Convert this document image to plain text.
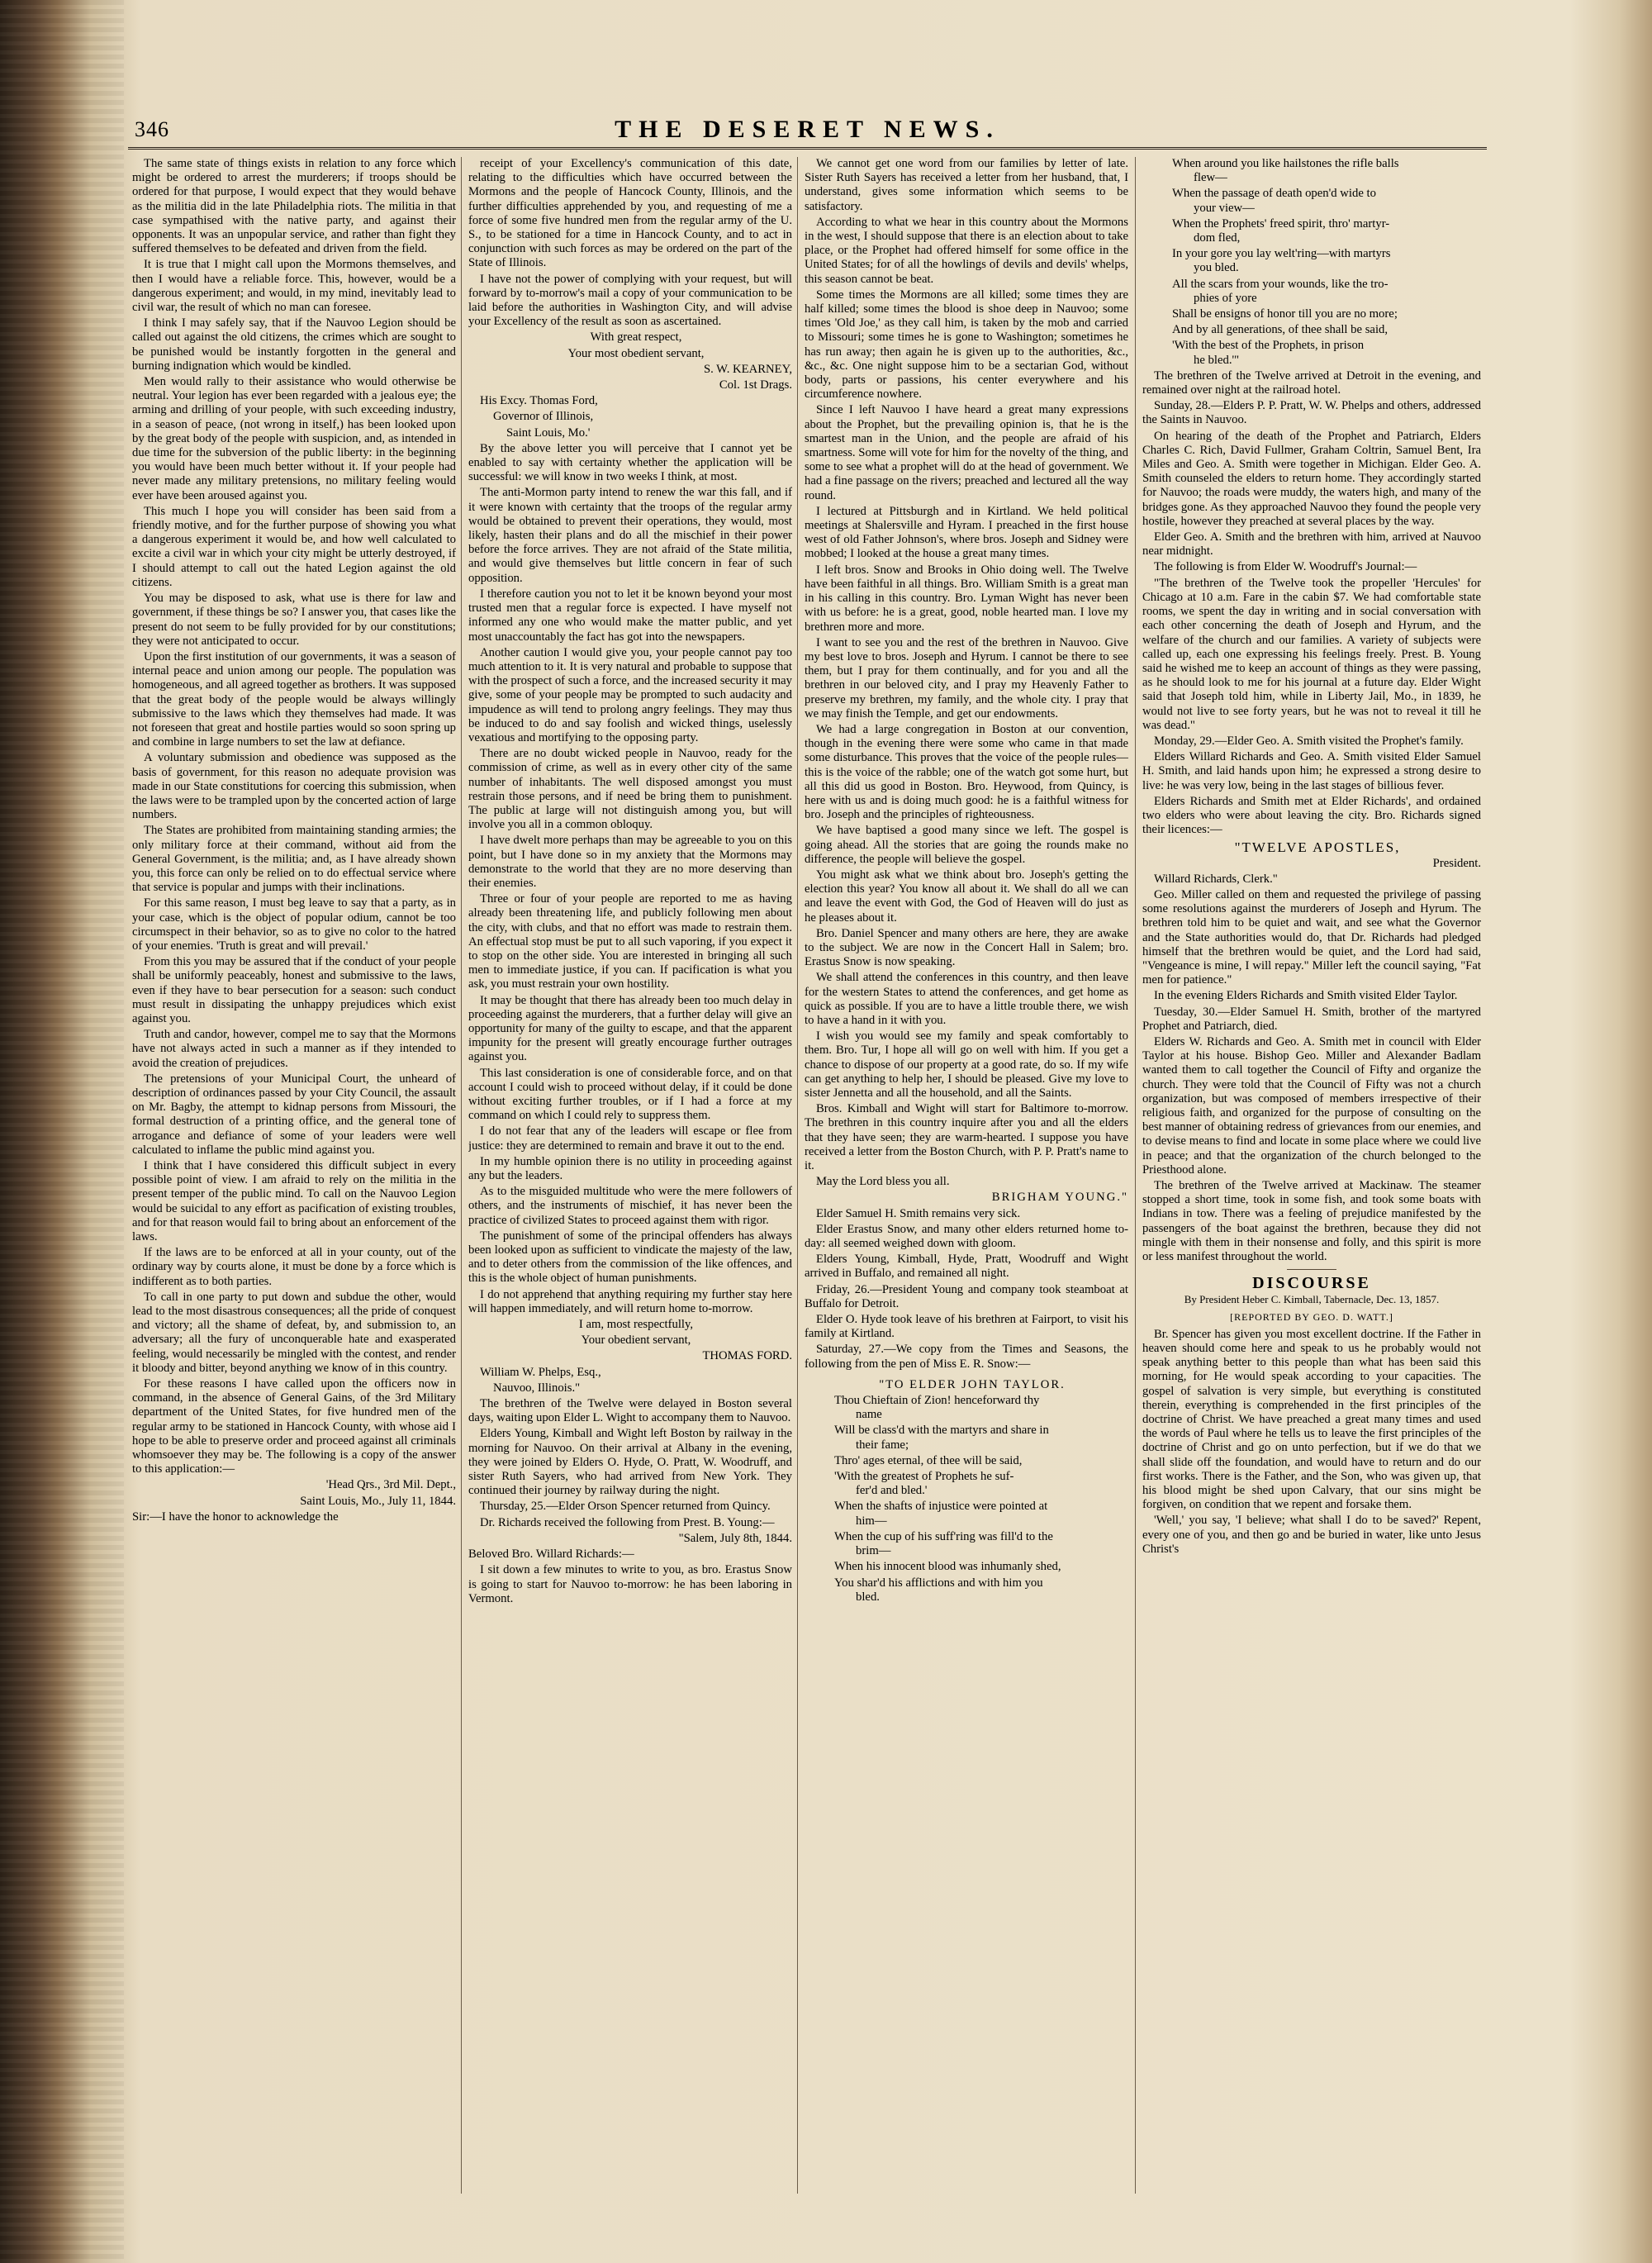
346	THE DESERET NEWS.

The same state of things exists in relation to any force which might be ordered to arrest the murderers; if troops should be ordered for that purpose, I would expect that they would behave as the militia did in the late Philadelphia riots. The militia in that case sympathised with the native party, and against their opponents. It was an unpopular service, and rather than fight they suffered themselves to be defeated and driven from the field.

It is true that I might call upon the Mormons themselves, and then I would have a reliable force. This, however, would be a dangerous experiment; and would, in my mind, inevitably lead to civil war, the result of which no man can foresee.

I think I may safely say, that if the Nauvoo Legion should be called out against the old citizens, the crimes which are sought to be punished would be instantly forgotten in the general and burning indignation which would be kindled.

Men would rally to their assistance who would otherwise be neutral. Your legion has ever been regarded with a jealous eye; the arming and drilling of your people, with such exceeding industry, in a season of peace, (not wrong in itself,) has been looked upon by the great body of the people with suspicion, and, as intended in due time for the subversion of the public liberty: in the beginning you would have been much better without it. If your people had never made any military pretensions, no military feeling would ever have been aroused against you.

This much I hope you will consider has been said from a friendly motive, and for the further purpose of showing you what a dangerous experiment it would be, and how well calculated to excite a civil war in which your city might be utterly destroyed, if I should attempt to call out the hated Legion against the old citizens.

You may be disposed to ask, what use is there for law and government, if these things be so? I answer you, that cases like the present do not seem to be fully provided for by our constitutions; they were not anticipated to occur.

Upon the first institution of our governments, it was a season of internal peace and union among our people. The population was homogeneous, and all agreed together as brothers. It was supposed that the great body of the people would be always willingly submissive to the laws which they themselves had made. It was not foreseen that great and hostile parties would so soon spring up and combine in large numbers to set the law at defiance.

A voluntary submission and obedience was supposed as the basis of government, for this reason no adequate provision was made in our State constitutions for coercing this submission, when the laws were to be trampled upon by the concerted action of large numbers.

The States are prohibited from maintaining standing armies; the only military force at their command, without aid from the General Government, is the militia; and, as I have already shown you, this force can only be relied on to do effectual service where that service is popular and jumps with their inclinations.

For this same reason, I must beg leave to say that a party, as in your case, which is the object of popular odium, cannot be too circumspect in their behavior, so as to give no color to the hatred of your enemies. 'Truth is great and will prevail.'

From this you may be assured that if the conduct of your people shall be uniformly peaceably, honest and submissive to the laws, even if they have to bear persecution for a season: such conduct must result in dissipating the unhappy prejudices which exist against you.

Truth and candor, however, compel me to say that the Mormons have not always acted in such a manner as if they intended to avoid the creation of prejudices.

The pretensions of your Municipal Court, the unheard of description of ordinances passed by your City Council, the assault on Mr. Bagby, the attempt to kidnap persons from Missouri, the formal destruction of a printing office, and the general tone of arrogance and defiance of some of your leaders were well calculated to inflame the public mind against you.

I think that I have considered this difficult subject in every possible point of view. I am afraid to rely on the militia in the present temper of the public mind. To call on the Nauvoo Legion would be suicidal to any effort as pacification of existing troubles, and for that reason would fail to bring about an enforcement of the laws.

If the laws are to be enforced at all in your county, out of the ordinary way by courts alone, it must be done by a force which is indifferent as to both parties.

To call in one party to put down and subdue the other, would lead to the most disastrous consequences; all the pride of conquest and victory; all the shame of defeat, by, and submission to, an adversary; all the fury of unconquerable hate and exasperated feeling, would necessarily be mingled with the contest, and render it bloody and bitter, beyond anything we know of in this country.

For these reasons I have called upon the officers now in command, in the absence of General Gains, of the 3rd Military department of the United States, for five hundred men of the regular army to be stationed in Hancock County, with whose aid I hope to be able to preserve order and proceed against all criminals whomsoever they may be. The following is a copy of the answer to this application:—

'Head Qrs., 3rd Mil. Dept.,

Saint Louis, Mo., July 11, 1844.

Sir:—I have the honor to acknowledge the

receipt of your Excellency's communication of this date, relating to the difficulties which have occurred between the Mormons and the people of Hancock County, Illinois, and the further difficulties apprehended by you, and requesting of me a force of some five hundred men from the regular army of the U. S., to be stationed for a time in Hancock County, and to act in conjunction with such forces as may be ordered on the part of the State of Illinois.

I have not the power of complying with your request, but will forward by to-morrow's mail a copy of your communication to be laid before the authorities in Washington City, and will advise your Excellency of the result as soon as ascertained.

With great respect,

Your most obedient servant,

S. W. KEARNEY,

Col. 1st Drags.

His Excy. Thomas Ford,

Governor of Illinois,

Saint Louis, Mo.'

By the above letter you will perceive that I cannot yet be enabled to say with certainty whether the application will be successful: we will know in two weeks I think, at most.

The anti-Mormon party intend to renew the war this fall, and if it were known with certainty that the troops of the regular army would be obtained to prevent their operations, they would, most likely, hasten their plans and do all the mischief in their power before the force arrives. They are not afraid of the State militia, and would give themselves but little concern in fear of such opposition.

I therefore caution you not to let it be known beyond your most trusted men that a regular force is expected. I have myself not informed any one who would make the matter public, and yet most unaccountably the fact has got into the newspapers.

Another caution I would give you, your people cannot pay too much attention to it. It is very natural and probable to suppose that with the prospect of such a force, and the increased security it may give, some of your people may be prompted to such audacity and impudence as will tend to prolong angry feelings. They may thus be induced to do and say foolish and wicked things, uselessly vexatious and mortifying to the opposing party.

There are no doubt wicked people in Nauvoo, ready for the commission of crime, as well as in every other city of the same number of inhabitants. The well disposed amongst you must restrain those persons, and if need be bring them to punishment. The public at large will not distinguish among you, but will involve you all in a common obloquy.

I have dwelt more perhaps than may be agreeable to you on this point, but I have done so in my anxiety that the Mormons may demonstrate to the world that they are no more deserving than their enemies.

Three or four of your people are reported to me as having already been threatening life, and publicly following men about the city, with clubs, and that no effort was made to restrain them. An effectual stop must be put to all such vaporing, if you expect it to stop on the other side. You are interested in bringing all such men to immediate justice, if you can. If pacification is what you ask, you must restrain your own hostility.

It may be thought that there has already been too much delay in proceeding against the murderers, that a further delay will give an opportunity for many of the guilty to escape, and that the apparent impunity for the present will greatly encourage further outrages against you.

This last consideration is one of considerable force, and on that account I could wish to proceed without delay, if it could be done without exciting further troubles, or if I had a force at my command on which I could rely to suppress them.

I do not fear that any of the leaders will escape or flee from justice: they are determined to remain and brave it out to the end.

In my humble opinion there is no utility in proceeding against any but the leaders.

As to the misguided multitude who were the mere followers of others, and the instruments of mischief, it has never been the practice of civilized States to proceed against them with rigor.

The punishment of some of the principal offenders has always been looked upon as sufficient to vindicate the majesty of the law, and to deter others from the commission of the like offences, and this is the whole object of human punishments.

I do not apprehend that anything requiring my further stay here will happen immediately, and will return home to-morrow.

I am, most respectfully,

Your obedient servant,

THOMAS FORD.

William W. Phelps, Esq.,

Nauvoo, Illinois."

The brethren of the Twelve were delayed in Boston several days, waiting upon Elder L. Wight to accompany them to Nauvoo.

Elders Young, Kimball and Wight left Boston by railway in the morning for Nauvoo. On their arrival at Albany in the evening, they were joined by Elders O. Hyde, O. Pratt, W. Woodruff, and sister Ruth Sayers, who had arrived from New York. They continued their journey by railway during the night.

Thursday, 25.—Elder Orson Spencer returned from Quincy.

Dr. Richards received the following from Prest. B. Young:—

"Salem, July 8th, 1844.

Beloved Bro. Willard Richards:—

I sit down a few minutes to write to you, as bro. Erastus Snow is going to start for Nauvoo to-morrow: he has been laboring in Vermont.

We cannot get one word from our families by letter of late. Sister Ruth Sayers has received a letter from her husband, that, I understand, gives some information which seems to be satisfactory.

According to what we hear in this country about the Mormons in the west, I should suppose that there is an election about to take place, or the Prophet had offered himself for some office in the United States; for of all the howlings of devils and devils' whelps, this season cannot be beat.

Some times the Mormons are all killed; some times they are half killed; some times the blood is shoe deep in Nauvoo; some times 'Old Joe,' as they call him, is taken by the mob and carried to Missouri; some times he is gone to Washington; sometimes he has run away; then again he is given up to the authorities, &c., &c., &c. One night suppose him to be a sectarian God, without body, parts or passions, his center everywhere and his circumference nowhere.

Since I left Nauvoo I have heard a great many expressions about the Prophet, but the prevailing opinion is, that he is the smartest man in the Union, and the people are afraid of his smartness. Some will vote for him for the novelty of the thing, and some to see what a prophet will do at the head of government. We had a fine passage on the rivers; preached and lectured all the way round.

I lectured at Pittsburgh and in Kirtland. We held political meetings at Shalersville and Hyram. I preached in the first house west of old Father Johnson's, where bros. Joseph and Sidney were mobbed; I looked at the house a great many times.

I left bros. Snow and Brooks in Ohio doing well. The Twelve have been faithful in all things. Bro. William Smith is a great man in his calling in this country. Bro. Lyman Wight has never been with us before: he is a great, good, noble hearted man. I love my brethren more and more.

I want to see you and the rest of the brethren in Nauvoo. Give my best love to bros. Joseph and Hyrum. I cannot be there to see them, but I pray for them continually, and for you and all the brethren in our beloved city, and I pray my Heavenly Father to preserve my brethren, my family, and the whole city. I pray that we may finish the Temple, and get our endowments.

We had a large congregation in Boston at our convention, though in the evening there were some who came in that made some disturbance. This proves that the voice of the people rules—this is the voice of the rabble; one of the watch got some hurt, but all this did us good in Boston. Bro. Heywood, from Quincy, is here with us and is doing much good: he is a faithful witness for bro. Joseph and the principles of righteousness.

We have baptised a good many since we left. The gospel is going ahead. All the stories that are going the rounds make no difference, the people will believe the gospel.

You might ask what we think about bro. Joseph's getting the election this year? You know all about it. We shall do all we can and leave the event with God, the God of Heaven will do just as he pleases about it.

Bro. Daniel Spencer and many others are here, they are awake to the subject. We are now in the Concert Hall in Salem; bro. Erastus Snow is now speaking.

We shall attend the conferences in this country, and then leave for the western States to attend the conferences, and get home as quick as possible. If you are to have a little trouble there, we wish to have a hand in it with you.

I wish you would see my family and speak comfortably to them. Bro. Tur, I hope all will go on well with him. If you get a chance to dispose of our property at a good rate, do so. If my wife can get anything to help her, I should be pleased. Give my love to sister Jennetta and all the household, and all the Saints.

Bros. Kimball and Wight will start for Baltimore to-morrow. The brethren in this country inquire after you and all the elders that they have seen; they are warm-hearted. I suppose you have received a letter from the Boston Church, with P. P. Pratt's name to it.

May the Lord bless you all.

BRIGHAM YOUNG."

Elder Samuel H. Smith remains very sick.

Elder Erastus Snow, and many other elders returned home to-day: all seemed weighed down with gloom.

Elders Young, Kimball, Hyde, Pratt, Woodruff and Wight arrived in Buffalo, and remained all night.

Friday, 26.—President Young and company took steamboat at Buffalo for Detroit.

Elder O. Hyde took leave of his brethren at Fairport, to visit his family at Kirtland.

Saturday, 27.—We copy from the Times and Seasons, the following from the pen of Miss E. R. Snow:—

"TO ELDER JOHN TAYLOR.

Thou Chieftain of Zion! henceforward thy
name

Will be class'd with the martyrs and share in
their fame;

Thro' ages eternal, of thee will be said,

'With the greatest of Prophets he suf-
fer'd and bled.'

When the shafts of injustice were pointed at
him—

When the cup of his suff'ring was fill'd to the
brim—

When his innocent blood was inhumanly shed,

You shar'd his afflictions and with him you
bled.

When around you like hailstones the rifle balls
flew—

When the passage of death open'd wide to
your view—

When the Prophets' freed spirit, thro' martyr-
dom fled,

In your gore you lay welt'ring—with martyrs
you bled.

All the scars from your wounds, like the tro-
phies of yore

Shall be ensigns of honor till you are no more;

And by all generations, of thee shall be said,

'With the best of the Prophets, in prison
he bled.'"

The brethren of the Twelve arrived at Detroit in the evening, and remained over night at the railroad hotel.

Sunday, 28.—Elders P. P. Pratt, W. W. Phelps and others, addressed the Saints in Nauvoo.

On hearing of the death of the Prophet and Patriarch, Elders Charles C. Rich, David Fullmer, Graham Coltrin, Samuel Bent, Ira Miles and Geo. A. Smith were together in Michigan. Elder Geo. A. Smith counseled the elders to return home. They accordingly started for Nauvoo; the roads were muddy, the waters high, and many of the bridges gone. As they approached Nauvoo they found the people very hostile, however they preached at several places by the way.

Elder Geo. A. Smith and the brethren with him, arrived at Nauvoo near midnight.

The following is from Elder W. Woodruff's Journal:—

"The brethren of the Twelve took the propeller 'Hercules' for Chicago at 10 a.m. Fare in the cabin $7. We had comfortable state rooms, we spent the day in writing and in social conversation with each other concerning the death of Joseph and Hyrum, and the welfare of the church and our families. A variety of subjects were called up, each one expressing his feelings freely. Prest. B. Young said he wished me to keep an account of things as they were passing, as he should look to me for his journal at a future day. Elder Wight said that Joseph told him, while in Liberty Jail, Mo., in 1839, he would not live to see forty years, but he was not to reveal it till he was dead."

Monday, 29.—Elder Geo. A. Smith visited the Prophet's family.

Elders Willard Richards and Geo. A. Smith visited Elder Samuel H. Smith, and laid hands upon him; he expressed a strong desire to live: he was very low, being in the last stages of billious fever.

Elders Richards and Smith met at Elder Richards', and ordained two elders who were about leaving the city. Bro. Richards signed their licences:—

"TWELVE APOSTLES,

President.

Willard Richards, Clerk."

Geo. Miller called on them and requested the privilege of passing some resolutions against the murderers of Joseph and Hyrum. The brethren told him to be quiet and wait, and see what the Governor and the State authorities would do, that Dr. Richards had pledged himself that the brethren would be quiet, and the Lord had said, "Vengeance is mine, I will repay." Miller left the council saying, "Fat men for patience."

In the evening Elders Richards and Smith visited Elder Taylor.

Tuesday, 30.—Elder Samuel H. Smith, brother of the martyred Prophet and Patriarch, died.

Elders W. Richards and Geo. A. Smith met in council with Elder Taylor at his house. Bishop Geo. Miller and Alexander Badlam wanted them to call together the Council of Fifty and organize the church. They were told that the Council of Fifty was not a church organization, but was composed of members irrespective of their religious faith, and organized for the purpose of consulting on the best manner of obtaining redress of grievances from our enemies, and to devise means to find and locate in some place where we could live in peace; and that the organization of the church belonged to the Priesthood alone.

The brethren of the Twelve arrived at Mackinaw. The steamer stopped a short time, took in some fish, and took some boats with Indians in tow. There was a feeling of prejudice manifested by the passengers of the boat against the brethren, because they did not mingle with them in their nonsense and folly, and this spirit is more or less manifest throughout the world.

DISCOURSE
By President Heber C. Kimball, Tabernacle, Dec. 13, 1857.
[REPORTED BY GEO. D. WATT.]

Br. Spencer has given you most excellent doctrine. If the Father in heaven should come here and speak to us he probably would not speak anything better to this people than what has been said this morning, for He would speak according to your capacities. The gospel of salvation is very simple, but everything is constituted therein, everything is comprehended in the first principles of the doctrine of Christ. We have preached a great many times and used the words of Paul where he tells us to leave the first principles of the doctrine of Christ and go on unto perfection, but if we do that we shall slide off the foundation, and would have to return and do our first works. There is the Father, and the Son, who was given up, that his blood might be shed upon Calvary, that our sins might be forgiven, on condition that we repent and forsake them.

'Well,' you say, 'I believe; what shall I do to be saved?' Repent, every one of you, and then go and be buried in water, like unto Jesus Christ's
